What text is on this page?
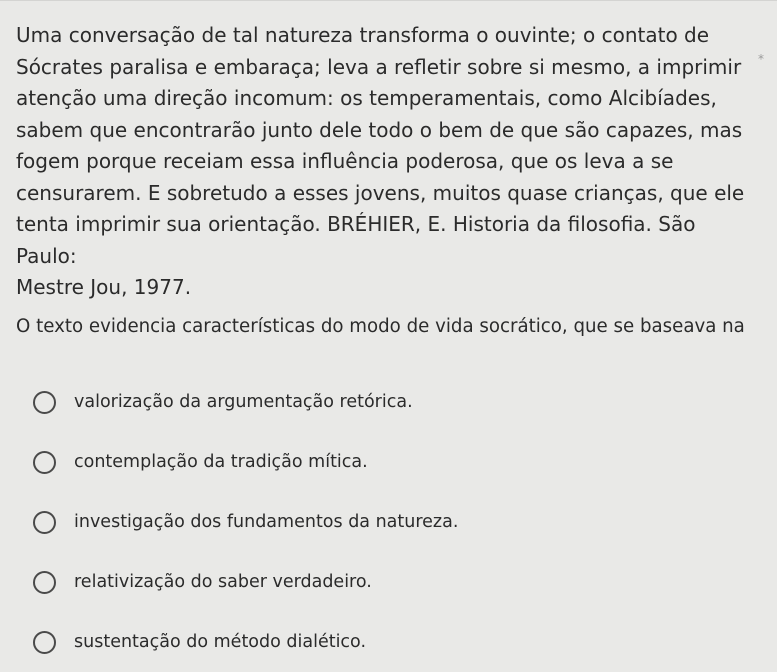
*

Uma conversação de tal natureza transforma o ouvinte; o contato de
Sócrates paralisa e embaraça; leva a refletir sobre si mesmo, a imprimir
atenção uma direção incomum: os temperamentais, como Alcibíades,
sabem que encontrarão junto dele todo o bem de que são capazes, mas
fogem porque receiam essa influência poderosa, que os leva a se
censurarem. E sobretudo a esses jovens, muitos quase crianças, que ele
tenta imprimir sua orientação. BRÉHIER, E. Historia da filosofia. São Paulo:
Mestre Jou, 1977.

O texto evidencia características do modo de vida socrático, que se baseava na
valorização da argumentação retórica.
contemplação da tradição mítica.
investigação dos fundamentos da natureza.
relativização do saber verdadeiro.
sustentação do método dialético.
